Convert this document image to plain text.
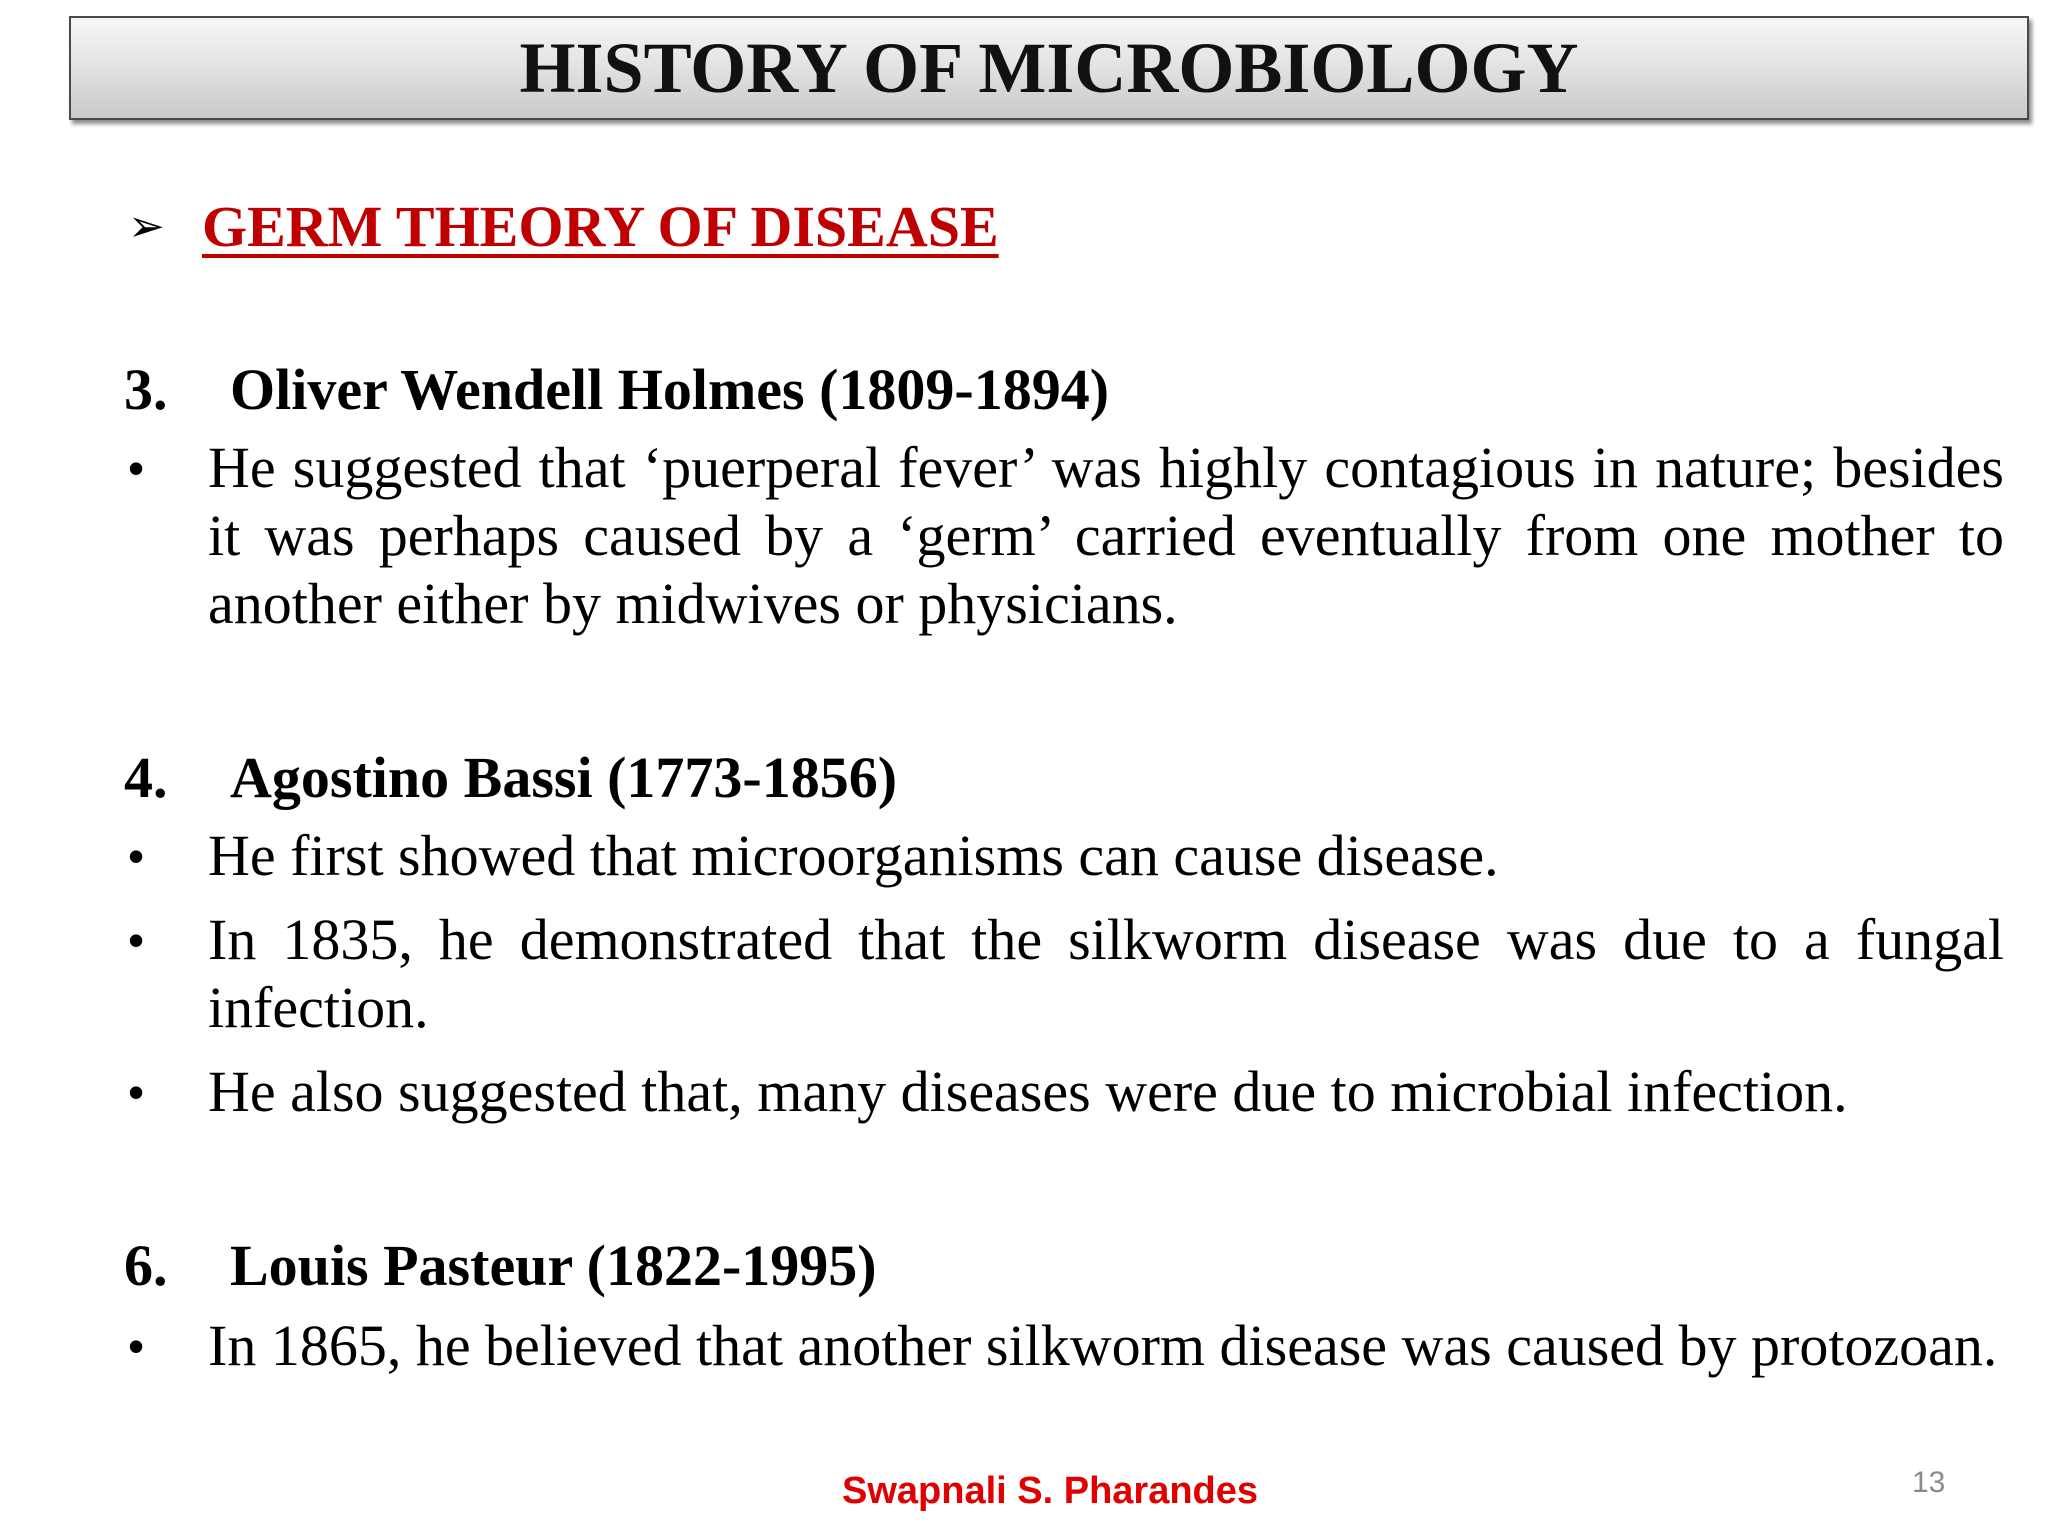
HISTORY OF MICROBIOLOGY
➢ GERM THEORY OF DISEASE
3.	Oliver Wendell Holmes (1809-1894)
•	He suggested that ‘puerperal fever’ was highly contagious in nature; besides it was perhaps caused by a ‘germ’ carried eventually from one mother to another either by midwives or physicians.
4.	Agostino Bassi (1773-1856)
•	He first showed that microorganisms can cause disease.
•	In 1835, he demonstrated that the silkworm disease was due to a fungal infection.
•	He also suggested that, many diseases were due to microbial infection.
6.	Louis Pasteur (1822-1995)
•	In 1865, he believed that another silkworm disease was caused by protozoan.
Swapnali S. Pharandes	13
